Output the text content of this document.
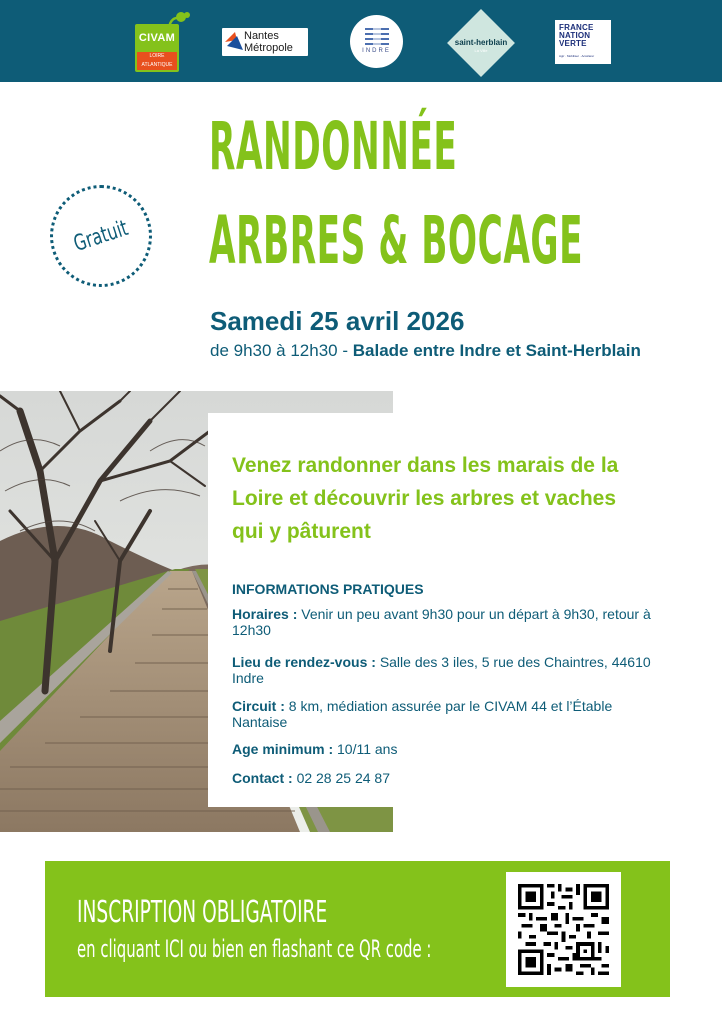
CIVAM
LOIRE ATLANTIQUE
Nantes Métropole	INDRE
saint-herblain
La Ville
FRANCE NATION VERTE
Agir · Mobiliser · Accélérer
Gratuit
RANDONNÉE
ARBRES & BOCAGE
Samedi 25 avril 2026
de 9h30 à 12h30 - Balade entre Indre et Saint-Herblain
Venez randonner dans les marais de la Loire et découvrir les arbres et vaches qui y pâturent
INFORMATIONS PRATIQUES
Horaires : Venir un peu avant 9h30 pour un départ à 9h30, retour à 12h30
Lieu de rendez-vous : Salle des 3 iles, 5 rue des Chaintres, 44610 Indre
Circuit : 8 km, médiation assurée par le CIVAM 44 et l’Étable Nantaise
Age minimum : 10/11 ans
Contact : 02 28 25 24 87
INSCRIPTION OBLIGATOIRE
en cliquant ICI ou bien en flashant ce QR code :
